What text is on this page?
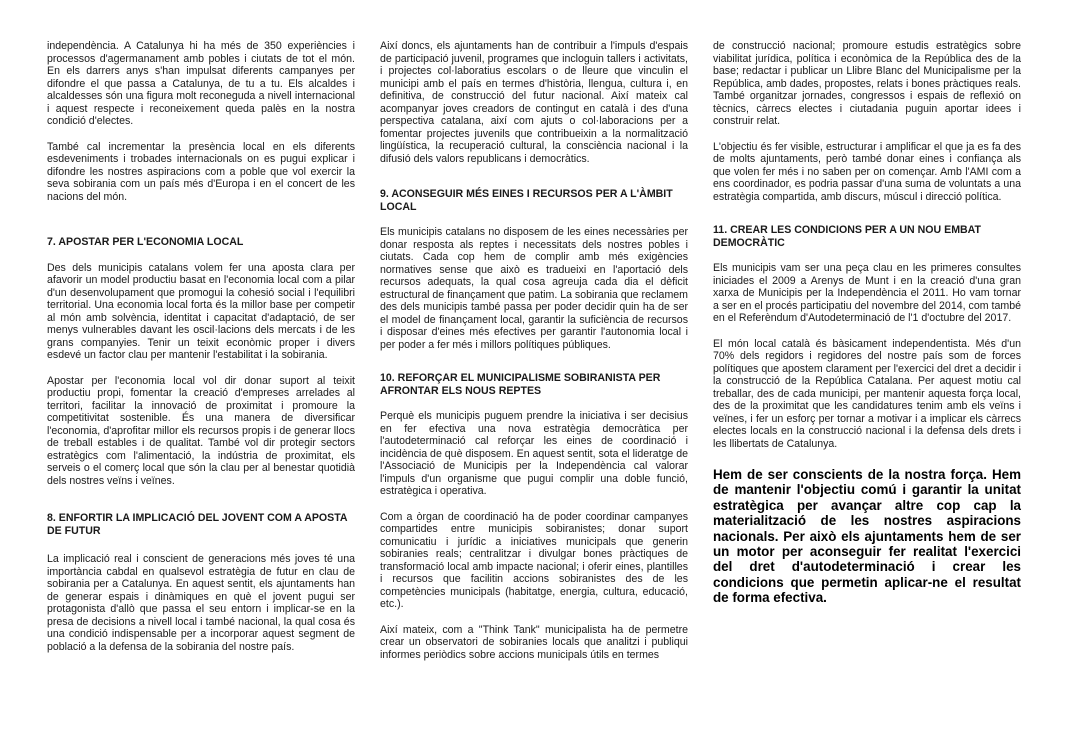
independència. A Catalunya hi ha més de 350 experiències i processos d'agermanament amb pobles i ciutats de tot el món. En els darrers anys s'han impulsat diferents campanyes per difondre el que passa a Catalunya, de tu a tu. Els alcaldes i alcaldesses són una figura molt reconeguda a nivell internacional i aquest respecte i reconeixement queda palès en la nostra condició d'electes.

També cal incrementar la presència local en els diferents esdeveniments i trobades internacionals on es pugui explicar i difondre les nostres aspiracions com a poble que vol exercir la seva sobirania com un país més d'Europa i en el concert de les nacions del món.

7. APOSTAR PER L'ECONOMIA LOCAL

Des dels municipis catalans volem fer una aposta clara per afavorir un model productiu basat en l'economia local com a pilar d'un desenvolupament que promogui la cohesió social i l'equilibri territorial. Una economia local forta és la millor base per competir al món amb solvència, identitat i capacitat d'adaptació, de ser menys vulnerables davant les oscil·lacions dels mercats i de les grans companyies. Tenir un teixit econòmic proper i divers esdevé un factor clau per mantenir l'estabilitat i la sobirania.

Apostar per l'economia local vol dir donar suport al teixit productiu propi, fomentar la creació d'empreses arrelades al territori, facilitar la innovació de proximitat i promoure la competitivitat sostenible. És una manera de diversificar l'economia, d'aprofitar millor els recursos propis i de generar llocs de treball estables i de qualitat. També vol dir protegir sectors estratègics com l'alimentació, la indústria de proximitat, els serveis o el comerç local que són la clau per al benestar quotidià dels nostres veïns i veïnes.

8. ENFORTIR LA IMPLICACIÓ DEL JOVENT COM A APOSTA DE FUTUR

La implicació real i conscient de generacions més joves té una importància cabdal en qualsevol estratègia de futur en clau de sobirania per a Catalunya. En aquest sentit, els ajuntaments han de generar espais i dinàmiques en què el jovent pugui ser protagonista d'allò que passa el seu entorn i implicar-se en la presa de decisions a nivell local i també nacional, la qual cosa és una condició indispensable per a incorporar aquest segment de població a la defensa de la sobirania del nostre país.

Així doncs, els ajuntaments han de contribuir a l'impuls d'espais de participació juvenil, programes que incloguin tallers i activitats, i projectes col·laboratius escolars o de lleure que vinculin el municipi amb el país en termes d'història, llengua, cultura i, en definitiva, de construcció del futur nacional. Així mateix cal acompanyar joves creadors de contingut en català i des d'una perspectiva catalana, així com ajuts o col·laboracions per a fomentar projectes juvenils que contribueixin a la normalització lingüística, la recuperació cultural, la consciència nacional i la difusió dels valors republicans i democràtics.

9. ACONSEGUIR MÉS EINES I RECURSOS PER A L'ÀMBIT LOCAL

Els municipis catalans no disposem de les eines necessàries per donar resposta als reptes i necessitats dels nostres pobles i ciutats. Cada cop hem de complir amb més exigències normatives sense que això es tradueixi en l'aportació dels recursos adequats, la qual cosa agreuja cada dia el dèficit estructural de finançament que patim. La sobirania que reclamem des dels municipis també passa per poder decidir quin ha de ser el model de finançament local, garantir la suficiència de recursos i disposar d'eines més efectives per garantir l'autonomia local i per poder a fer més i millors polítiques públiques.

10. REFORÇAR EL MUNICIPALISME SOBIRANISTA PER AFRONTAR ELS NOUS REPTES

Perquè els municipis puguem prendre la iniciativa i ser decisius en fer efectiva una nova estratègia democràtica per l'autodeterminació cal reforçar les eines de coordinació i incidència de què disposem. En aquest sentit, sota el lideratge de l'Associació de Municipis per la Independència cal valorar l'impuls d'un organisme que pugui complir una doble funció, estratègica i operativa.

Com a òrgan de coordinació ha de poder coordinar campanyes compartides entre municipis sobiranistes; donar suport comunicatiu i jurídic a iniciatives municipals que generin sobiranies reals; centralitzar i divulgar bones pràctiques de transformació local amb impacte nacional; i oferir eines, plantilles i recursos que facilitin accions sobiranistes des de les competències municipals (habitatge, energia, cultura, educació, etc.).

Així mateix, com a "Think Tank" municipalista ha de permetre crear un observatori de sobiranies locals que analitzi i publiqui informes periòdics sobre accions municipals útils en termes

de construcció nacional; promoure estudis estratègics sobre viabilitat jurídica, política i econòmica de la República des de la base; redactar i publicar un Llibre Blanc del Municipalisme per la República, amb dades, propostes, relats i bones pràctiques reals. També organitzar jornades, congressos i espais de reflexió on tècnics, càrrecs electes i ciutadania puguin aportar idees i construir relat.

L'objectiu és fer visible, estructurar i amplificar el que ja es fa des de molts ajuntaments, però també donar eines i confiança als que volen fer més i no saben per on començar. Amb l'AMI com a ens coordinador, es podria passar d'una suma de voluntats a una estratègia compartida, amb discurs, múscul i direcció política.

11. CREAR LES CONDICIONS PER A UN NOU EMBAT DEMOCRÀTIC

Els municipis vam ser una peça clau en les primeres consultes iniciades el 2009 a Arenys de Munt i en la creació d'una gran xarxa de Municipis per la Independència el 2011. Ho vam tornar a ser en el procés participatiu del novembre del 2014, com també en el Referèndum d'Autodeterminació de l'1 d'octubre del 2017.

El món local català és bàsicament independentista. Més d'un 70% dels regidors i regidores del nostre país som de forces polítiques que apostem clarament per l'exercici del dret a decidir i la construcció de la República Catalana. Per aquest motiu cal treballar, des de cada municipi, per mantenir aquesta força local, des de la proximitat que les candidatures tenim amb els veïns i veïnes, i fer un esforç per tornar a motivar i a implicar els càrrecs electes locals en la construcció nacional i la defensa dels drets i les llibertats de Catalunya.

Hem de ser conscients de la nostra força. Hem de mantenir l'objectiu comú i garantir la unitat estratègica per avançar altre cop cap la materialització de les nostres aspiracions nacionals. Per això els ajuntaments hem de ser un motor per aconseguir fer realitat l'exercici del dret d'autodeterminació i crear les condicions que permetin aplicar-ne el resultat de forma efectiva.
